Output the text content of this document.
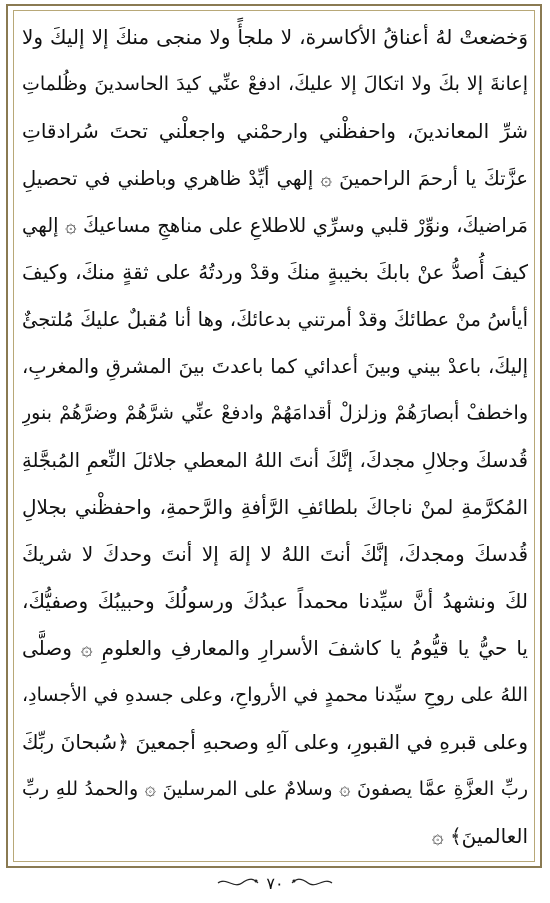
وَخضعتْ لهُ أعناقُ الأكاسرة، لا ملجأً ولا منجى منكَ إلا إليكَ ولا
إعانةَ إلا بكَ ولا اتكالَ إلا عليكَ، ادفعْ عنِّي كيدَ الحاسدينَ وظُلماتِ
شرِّ المعاندينَ، واحفظْني وارحمْني واجعلْني تحتَ سُرادقاتِ
عزَّتكَ يا أرحمَ الراحمينَ ۞ إلهي أيِّدْ ظاهري وباطني في تحصيلِ
مَراضيكَ، ونوِّرْ قلبي وسرِّي للاطلاعِ على مناهجِ مساعيكَ ۞ إلهي
كيفَ أُصدُّ عنْ بابكَ بخيبةٍ منكَ وقدْ وردتُهُ على ثقةٍ منكَ، وكيفَ
أيأسُ منْ عطائكَ وقدْ أمرتني بدعائكَ، وها أنا مُقبلٌ عليكَ مُلتجئٌ
إليكَ، باعدْ بيني وبينَ أعدائي كما باعدتَ بينَ المشرقِ والمغربِ،
واخطفْ أبصارَهُمْ وزلزلْ أقدامَهُمْ وادفعْ عنِّي شرَّهُمْ وضرَّهُمْ بنورِ
قُدسكَ وجلالِ مجدكَ، إنَّكَ أنتَ اللهُ المعطي جلائلَ النِّعمِ المُبجَّلةِ
المُكرَّمةِ لمنْ ناجاكَ بلطائفِ الرَّأفةِ والرَّحمةِ، واحفظْني بجلالِ
قُدسكَ ومجدكَ، إنَّكَ أنتَ اللهُ لا إلهَ إلا أنتَ وحدكَ لا شريكَ
لكَ ونشهدُ أنَّ سيِّدنا محمداً عبدُكَ ورسولُكَ وحبيبُكَ وصفيُّكَ،
يا حيُّ يا قيُّومُ يا كاشفَ الأسرارِ والمعارفِ والعلومِ ۞ وصلَّى
اللهُ على روحِ سيِّدنا محمدٍ في الأرواحِ، وعلى جسدهِ في الأجسادِ،
وعلى قبرهِ في القبورِ، وعلى آلهِ وصحبهِ أجمعينَ ﴿سُبحانَ ربِّكَ
ربِّ العزَّةِ عمَّا يصفونَ ۞ وسلامٌ على المرسلينَ ۞ والحمدُ للهِ ربِّ
العالمينَ﴾ ۞
٧٠
